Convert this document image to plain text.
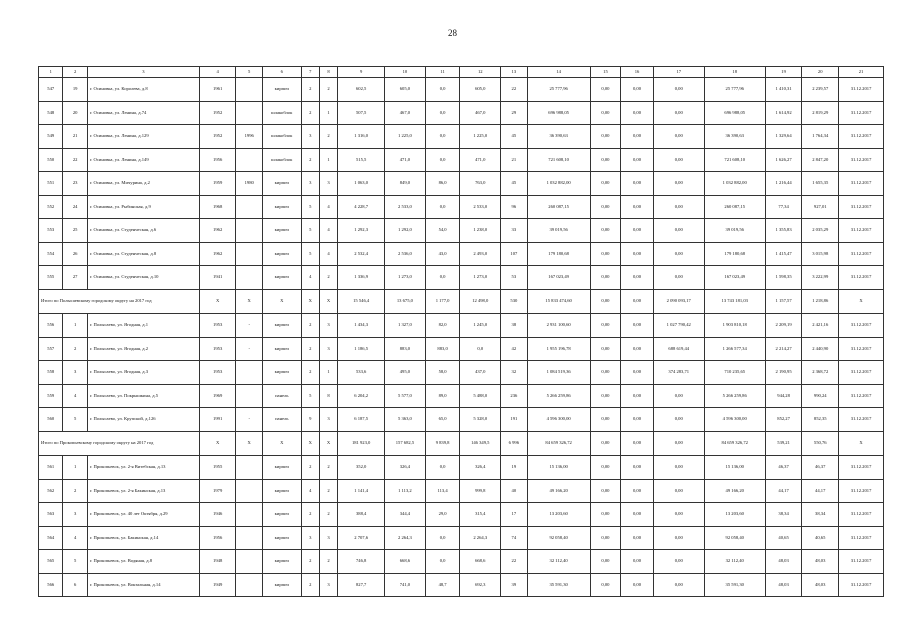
28
1	2	3	4	5	6	7	8	9	10	11	12	13	14	15	16	17	18	19	20	21
547	19	г. Осиновка, ул. Королева, д.8	1961		кирпич	2	2	602,5	605,0	0,0	605,0	22	25 777,96	0,00	0,00	0,00	25 777,96	1 410,31	2 239,57	31.12.2017
548	20	г. Осиновка, ул. Ленина, д.74	1952		шлакоблок	2	1	507,5	467,0	0,0	467,0	29	696 988,05	0,00	0,00	0,00	696 988,05	1 614,92	2 819,29	31.12.2017
549	21	г. Осиновка, ул. Ленина, д.129	1952	1996	шлакоблок	3	2	1 316,0	1 225,0	0,0	1 225,0	45	36 390,63	0,00	0,00	0,00	36 390,63	1 329,64	1 764,34	31.12.2017
550	22	г. Осиновка, ул. Ленина, д.149	1956		шлакоблок	2	1	515,5	471,0	0,0	471,0	21	721 608,10	0,00	0,00	0,00	721 608,10	1 626,27	2 847,20	31.12.2017
551	23	г. Осиновка, ул. Мичурина, д.2	1959	1980	кирпич	3	3	1 063,0	849,0	86,0	763,0	45	1 032 882,00	0,00	0,00	0,00	1 032 882,00	1 216,44	1 655,35	31.12.2017
552	24	г. Осиновка, ул. Рыбинская, д.9	1968		кирпич	5	4	4 228,7	2 533,0	0,0	2 533,0	96	260 087,15	0,00	0,00	0,00	260 087,15	77,34	927,01	31.12.2017
553	25	г. Осиновка, ул. Студенческая, д.6	1962		кирпич	5	4	1 292,3	1 292,0	54,0	1 238,0	33	39 019,56	0,00	0,00	0,00	39 019,56	1 355,83	2 035,29	31.12.2017
554	26	г. Осиновка, ул. Студенческая, д.8	1962		кирпич	5	4	2 532,4	2 536,0	43,0	2 493,0	107	179 180,68	0,00	0,00	0,00	179 180,68	1 415,47	3 015,98	31.12.2017
555	27	г. Осиновка, ул. Студенческая, д.10	1941		кирпич	4	2	1 336,9	1 273,0	0,0	1 273,0	53	167 023,49	0,00	0,00	0,00	167 023,49	1 598,35	3 222,99	31.12.2017
Итого по Полысаевскому городскому округу на 2017 год			X	X	X	X	X	15 546,4	13 675,0	1 177,0	12 498,0	530	15 833 474,60	0,00	0,00	2 090 093,17	13 743 181,03	1 157,57	1 218,86	X
556	1	г. Полысаево, ул. Ягодная, д.1	1953	-	кирпич	2	3	1 434,3	1 327,0	82,0	1 245,0	38	2 931 100,60	0,00	0,00	1 027 790,42	1 903 810,18	2 209,19	2 421,16	31.12.2017
557	2	г. Полысаево, ул. Ягодная, д.2	1953	-	кирпич	2	3	1 186,5	883,0	883,0	0,0	42	1 955 196,78	0,00	0,00	688 619,44	1 266 577,34	2 214,27	2 440,90	31.12.2017
558	3	г. Полысаево, ул. Ягодная, д.3	1953		кирпич	2	1	533,6	495,0	58,0	437,0	32	1 084 519,36	0,00	0,00	374 283,71	710 235,65	2 190,95	2 368,72	31.12.2017
559	4	г. Полысаево, ул. Покрышкина, д.5	1969		панель	5	8	6 204,2	5 577,0	89,0	5 488,0	236	5 266 259,86	0,00	0,00	0,00	5 266 259,86	944,28	990,24	31.12.2017
560	5	г. Полысаево, ул. Крупской, д.126	1991	-	панель	9	3	6 187,5	5 363,0	65,0	5 328,0	191	4 596 300,00	0,00	0,00	0,00	4 596 300,00	852,27	852,35	31.12.2017
Итого по Прокопьевскому городскому округу на 2017 год			X	X	X	X	X	181 923,0	157 682,5	9 839,8	146 349,5	6 996	84 659 326,72	0,00	0,00	0,00	84 659 326,72	539,21	550,76	X
561	1	г. Прокопьевск, ул. 2-я Витебская, д.13	1955		кирпич	2	2	352,0	326,4	0,0	326,4	19	15 136,00	0,00	0,00	0,00	15 136,00	46,37	46,37	31.12.2017
562	2	г. Прокопьевск, ул. 2-я Бакинская, д.13	1979		кирпич	4	2	1 141,4	1 113,2	113,4	999,8	40	49 166,20	0,00	0,00	0,00	49 166,20	44,17	44,17	31.12.2017
563	3	г. Прокопьевск, ул. 40 лет Октября, д.29	1946		кирпич	2	2	388,4	344,4	29,0	315,4	17	13 203,60	0,00	0,00	0,00	13 203,60	38,34	38,34	31.12.2017
564	4	г. Прокопьевск, ул. Бакинская, д.14	1956		кирпич	3	3	2 707,6	2 264,3	0,0	2 264,3	74	92 058,40	0,00	0,00	0,00	92 058,40	40,65	40,65	31.12.2017
565	5	г. Прокопьевск, ул. Водяная, д.8	1948		кирпич	2	2	746,8	668,6	0,0	668,6	22	32 112,40	0,00	0,00	0,00	32 112,40	48,03	48,03	31.12.2017
566	6	г. Прокопьевск, ул. Вокзальная, д.14	1949		кирпич	2	3	827,7	741,0	48,7	692,3	39	35 591,30	0,00	0,00	0,00	35 591,30	48,03	48,03	31.12.2017
